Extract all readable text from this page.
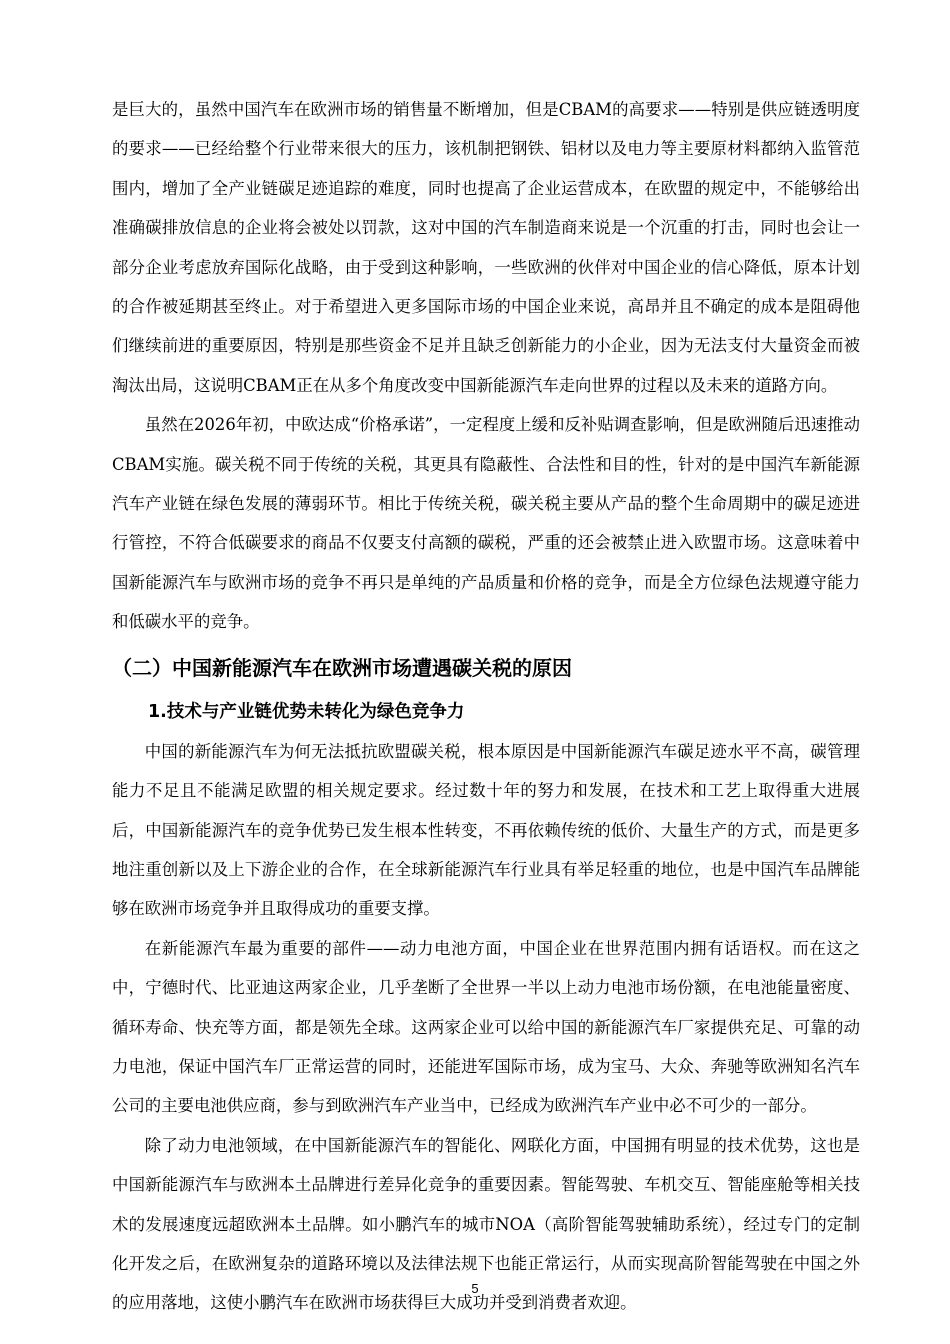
是巨大的，虽然中国汽车在欧洲市场的销售量不断增加，但是CBAM的高要求——特别是供应链透明度的要求——已经给整个行业带来很大的压力，该机制把钢铁、铝材以及电力等主要原材料都纳入监管范围内，增加了全产业链碳足迹追踪的难度，同时也提高了企业运营成本，在欧盟的规定中，不能够给出准确碳排放信息的企业将会被处以罚款，这对中国的汽车制造商来说是一个沉重的打击，同时也会让一部分企业考虑放弃国际化战略，由于受到这种影响，一些欧洲的伙伴对中国企业的信心降低，原本计划的合作被延期甚至终止。对于希望进入更多国际市场的中国企业来说，高昂并且不确定的成本是阻碍他们继续前进的重要原因，特别是那些资金不足并且缺乏创新能力的小企业，因为无法支付大量资金而被淘汰出局，这说明CBAM正在从多个角度改变中国新能源汽车走向世界的过程以及未来的道路方向。

虽然在2026年初，中欧达成“价格承诺”，一定程度上缓和反补贴调查影响，但是欧洲随后迅速推动CBAM实施。碳关税不同于传统的关税，其更具有隐蔽性、合法性和目的性，针对的是中国汽车新能源汽车产业链在绿色发展的薄弱环节。相比于传统关税，碳关税主要从产品的整个生命周期中的碳足迹进行管控，不符合低碳要求的商品不仅要支付高额的碳税，严重的还会被禁止进入欧盟市场。这意味着中国新能源汽车与欧洲市场的竞争不再只是单纯的产品质量和价格的竞争，而是全方位绿色法规遵守能力和低碳水平的竞争。

（二）中国新能源汽车在欧洲市场遭遇碳关税的原因
1.技术与产业链优势未转化为绿色竞争力

中国的新能源汽车为何无法抵抗欧盟碳关税，根本原因是中国新能源汽车碳足迹水平不高，碳管理能力不足且不能满足欧盟的相关规定要求。经过数十年的努力和发展，在技术和工艺上取得重大进展后，中国新能源汽车的竞争优势已发生根本性转变，不再依赖传统的低价、大量生产的方式，而是更多地注重创新以及上下游企业的合作，在全球新能源汽车行业具有举足轻重的地位，也是中国汽车品牌能够在欧洲市场竞争并且取得成功的重要支撑。

在新能源汽车最为重要的部件——动力电池方面，中国企业在世界范围内拥有话语权。而在这之中，宁德时代、比亚迪这两家企业，几乎垄断了全世界一半以上动力电池市场份额，在电池能量密度、循环寿命、快充等方面，都是领先全球。这两家企业可以给中国的新能源汽车厂家提供充足、可靠的动力电池，保证中国汽车厂正常运营的同时，还能进军国际市场，成为宝马、大众、奔驰等欧洲知名汽车公司的主要电池供应商，参与到欧洲汽车产业当中，已经成为欧洲汽车产业中必不可少的一部分。

除了动力电池领域，在中国新能源汽车的智能化、网联化方面，中国拥有明显的技术优势，这也是中国新能源汽车与欧洲本土品牌进行差异化竞争的重要因素。智能驾驶、车机交互、智能座舱等相关技术的发展速度远超欧洲本土品牌。如小鹏汽车的城市NOA（高阶智能驾驶辅助系统），经过专门的定制化开发之后，在欧洲复杂的道路环境以及法律法规下也能正常运行，从而实现高阶智能驾驶在中国之外的应用落地，这使小鹏汽车在欧洲市场获得巨大成功并受到消费者欢迎。

5
